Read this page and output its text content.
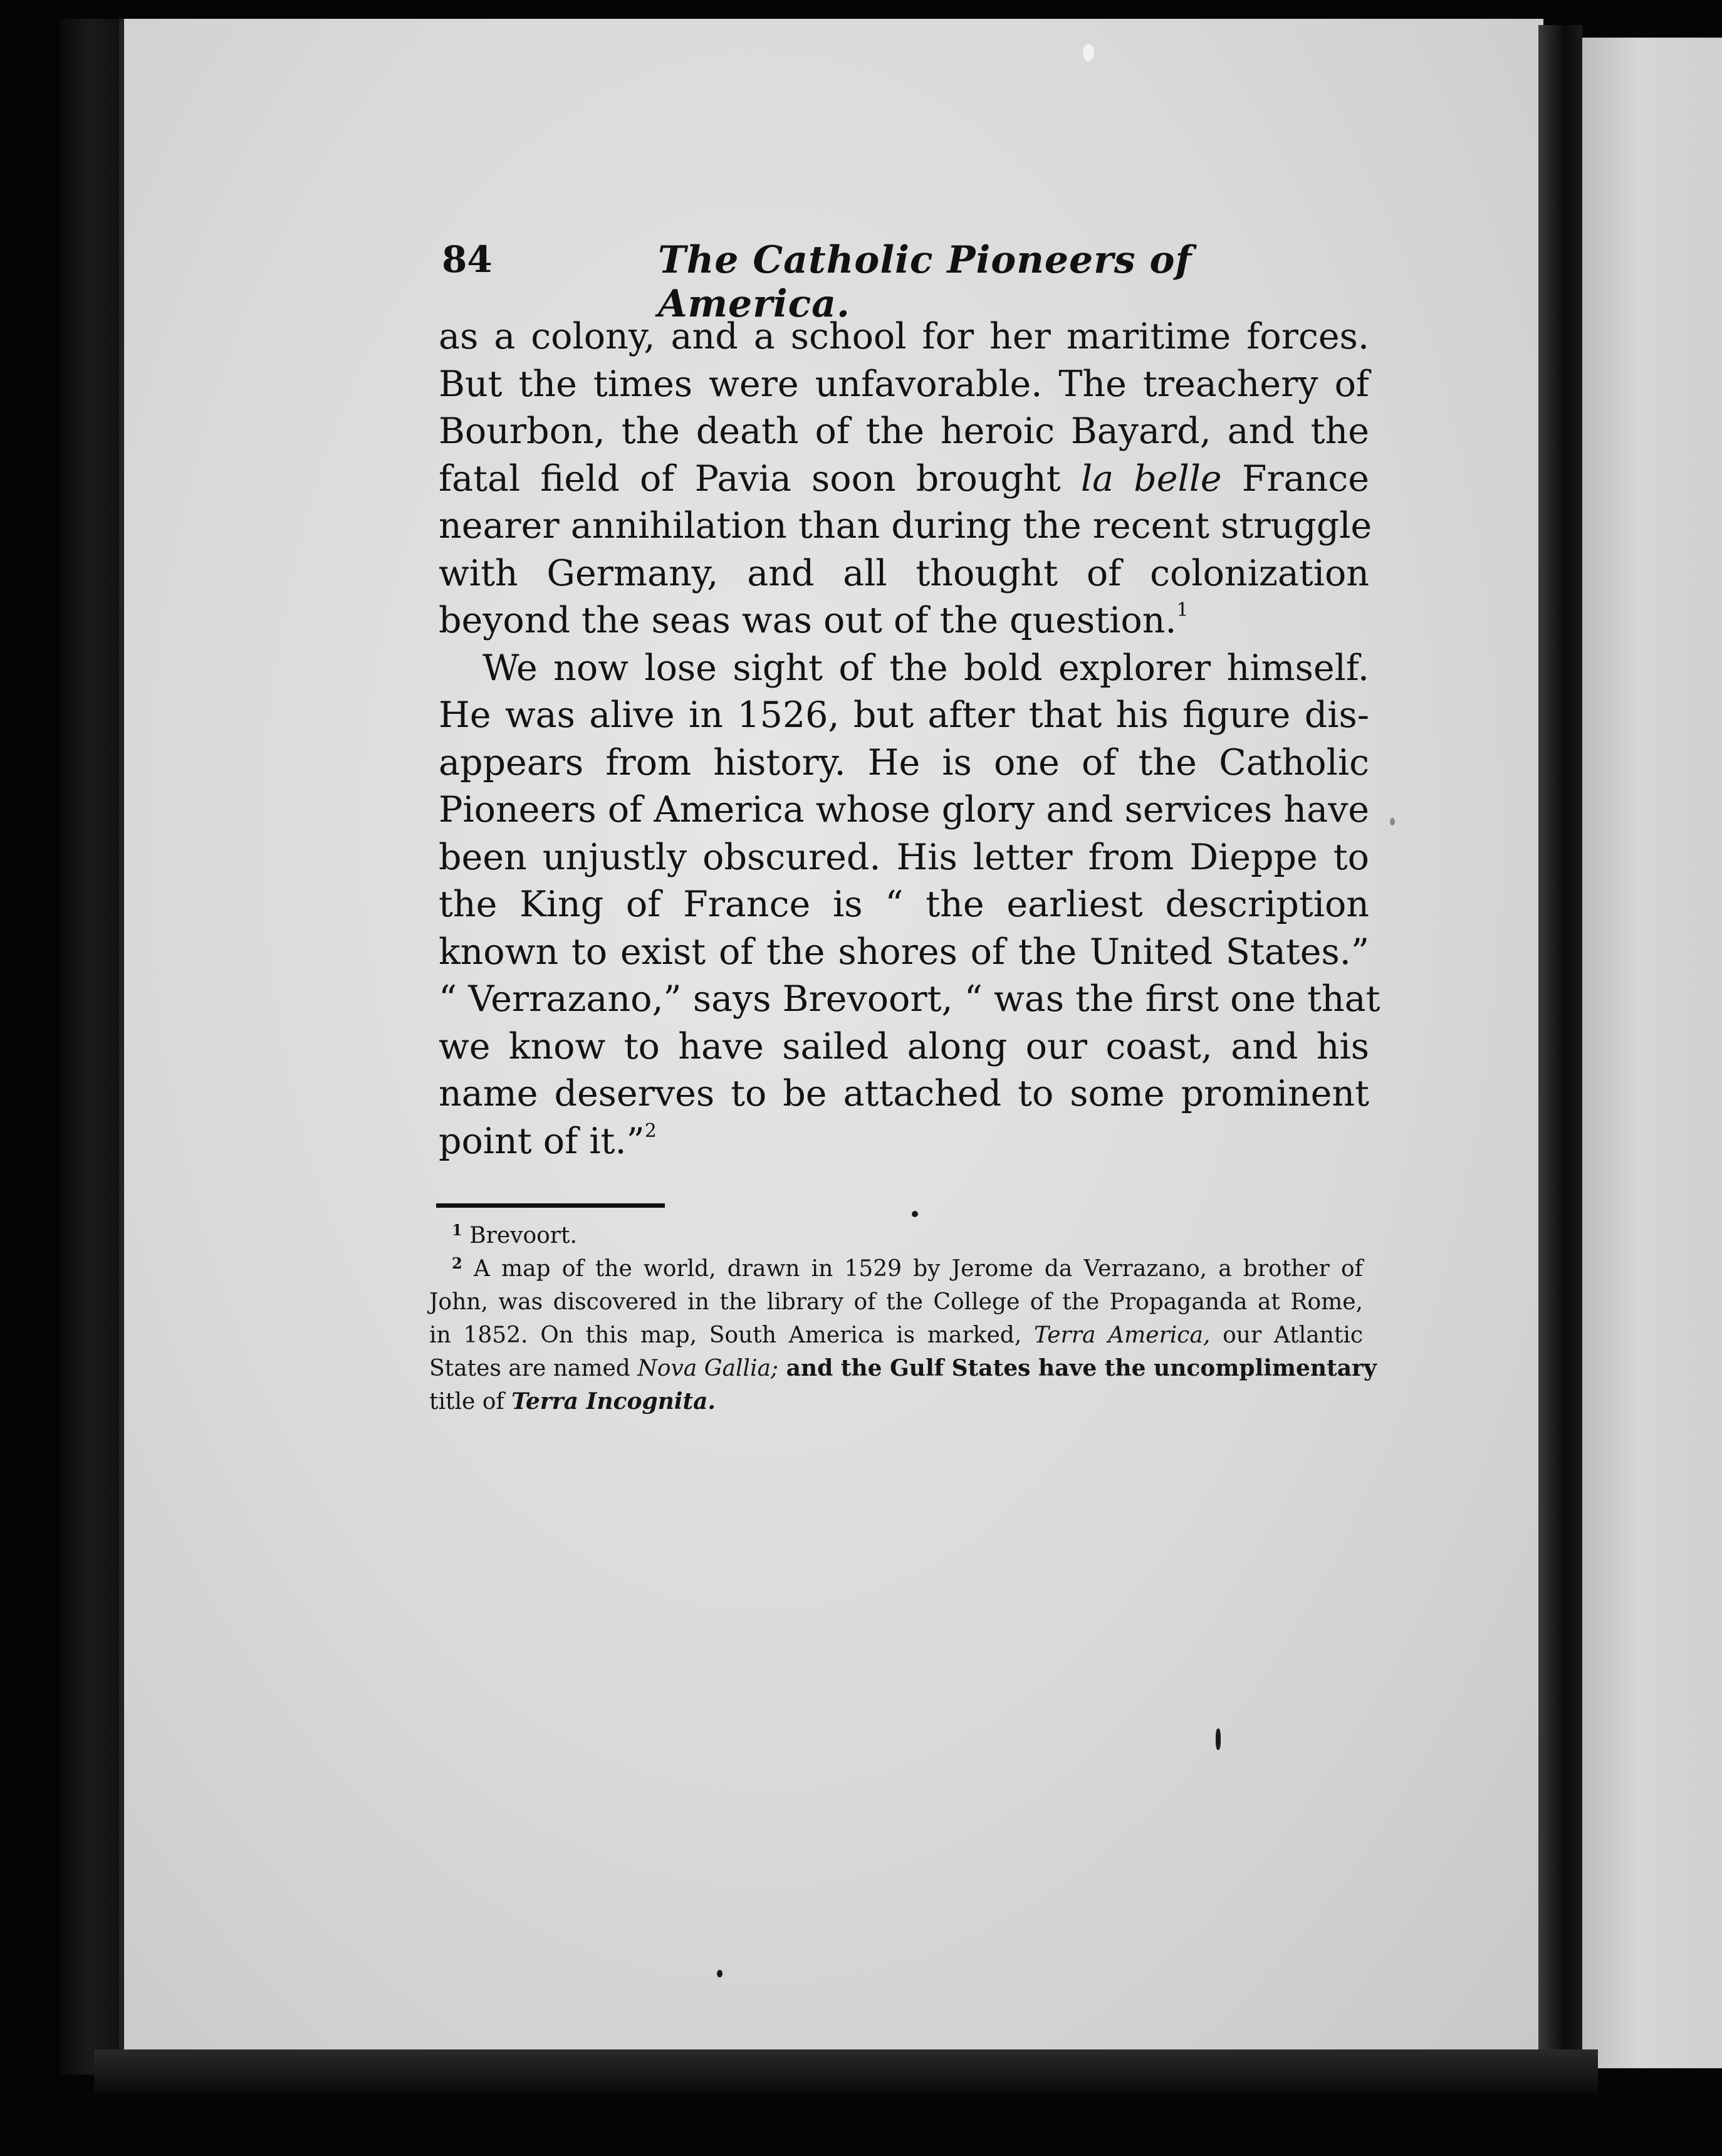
84	The Catholic Pioneers of America.
as a colony, and a school for her maritime forces.
But the times were unfavorable. The treachery of
Bourbon, the death of the heroic Bayard, and the
fatal field of Pavia soon brought la belle France
nearer annihilation than during the recent struggle
with Germany, and all thought of colonization
beyond the seas was out of the question.$^1$
We now lose sight of the bold explorer himself.
He was alive in 1526, but after that his figure dis-
appears from history. He is one of the Catholic
Pioneers of America whose glory and services have
been unjustly obscured. His letter from Dieppe to
the King of France is “ the earliest description
known to exist of the shores of the United States.”
“ Verrazano,” says Brevoort, “ was the first one that
we know to have sailed along our coast, and his
name deserves to be attached to some prominent
point of it.”$^2$
$^1$ Brevoort.
$^2$ A map of the world, drawn in 1529 by Jerome da Verrazano, a brother of
John, was discovered in the library of the College of the Propaganda at Rome,
in 1852. On this map, South America is marked, Terra America, our Atlantic
States are named Nova Gallia; and the Gulf States have the uncomplimentary
title of Terra Incognita.
